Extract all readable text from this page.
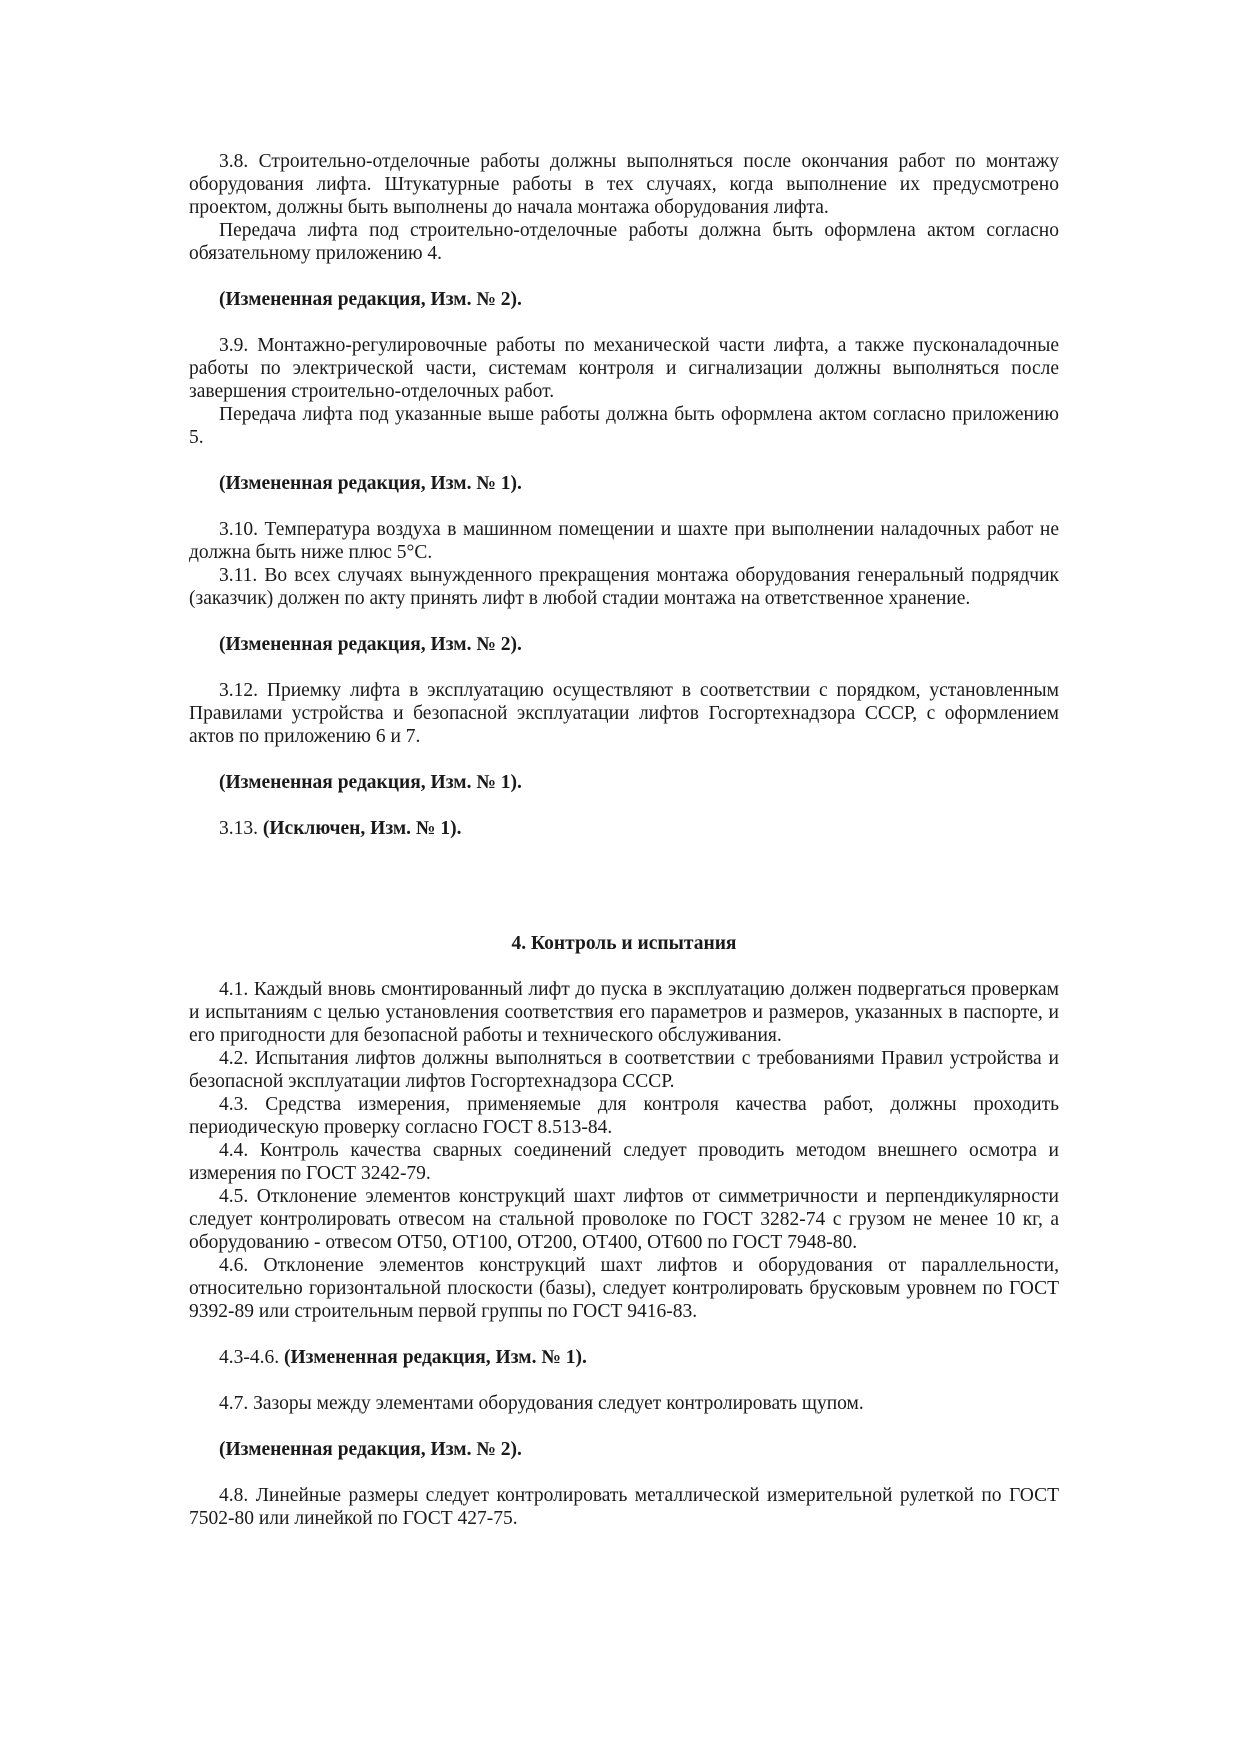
3.8. Строительно-отделочные работы должны выполняться после окончания работ по монтажу оборудования лифта. Штукатурные работы в тех случаях, когда выполнение их предусмотрено проектом, должны быть выполнены до начала монтажа оборудования лифта.

Передача лифта под строительно-отделочные работы должна быть оформлена актом согласно обязательному приложению 4.

(Измененная редакция, Изм. № 2).

3.9. Монтажно-регулировочные работы по механической части лифта, а также пусконаладочные работы по электрической части, системам контроля и сигнализации должны выполняться после завершения строительно-отделочных работ.

Передача лифта под указанные выше работы должна быть оформлена актом согласно приложению 5.

(Измененная редакция, Изм. № 1).

3.10. Температура воздуха в машинном помещении и шахте при выполнении наладочных работ не должна быть ниже плюс 5°С.

3.11. Во всех случаях вынужденного прекращения монтажа оборудования генеральный подрядчик (заказчик) должен по акту принять лифт в любой стадии монтажа на ответственное хранение.

(Измененная редакция, Изм. № 2).

3.12. Приемку лифта в эксплуатацию осуществляют в соответствии с порядком, установленным Правилами устройства и безопасной эксплуатации лифтов Госгортехнадзора СССР, с оформлением актов по приложению 6 и 7.

(Измененная редакция, Изм. № 1).

3.13. (Исключен, Изм. № 1).

4. Контроль и испытания

4.1. Каждый вновь смонтированный лифт до пуска в эксплуатацию должен подвергаться проверкам и испытаниям с целью установления соответствия его параметров и размеров, указанных в паспорте, и его пригодности для безопасной работы и технического обслуживания.

4.2. Испытания лифтов должны выполняться в соответствии с требованиями Правил устройства и безопасной эксплуатации лифтов Госгортехнадзора СССР.

4.3. Средства измерения, применяемые для контроля качества работ, должны проходить периодическую проверку согласно ГОСТ 8.513-84.

4.4. Контроль качества сварных соединений следует проводить методом внешнего осмотра и измерения по ГОСТ 3242-79.

4.5. Отклонение элементов конструкций шахт лифтов от симметричности и перпендикулярности следует контролировать отвесом на стальной проволоке по ГОСТ 3282-74 с грузом не менее 10 кг, а оборудованию - отвесом ОТ50, ОТ100, ОТ200, ОТ400, ОТ600 по ГОСТ 7948-80.

4.6. Отклонение элементов конструкций шахт лифтов и оборудования от параллельности, относительно горизонтальной плоскости (базы), следует контролировать брусковым уровнем по ГОСТ 9392-89 или строительным первой группы по ГОСТ 9416-83.

4.3-4.6. (Измененная редакция, Изм. № 1).

4.7. Зазоры между элементами оборудования следует контролировать щупом.

(Измененная редакция, Изм. № 2).

4.8. Линейные размеры следует контролировать металлической измерительной рулеткой по ГОСТ 7502-80 или линейкой по ГОСТ 427-75.
